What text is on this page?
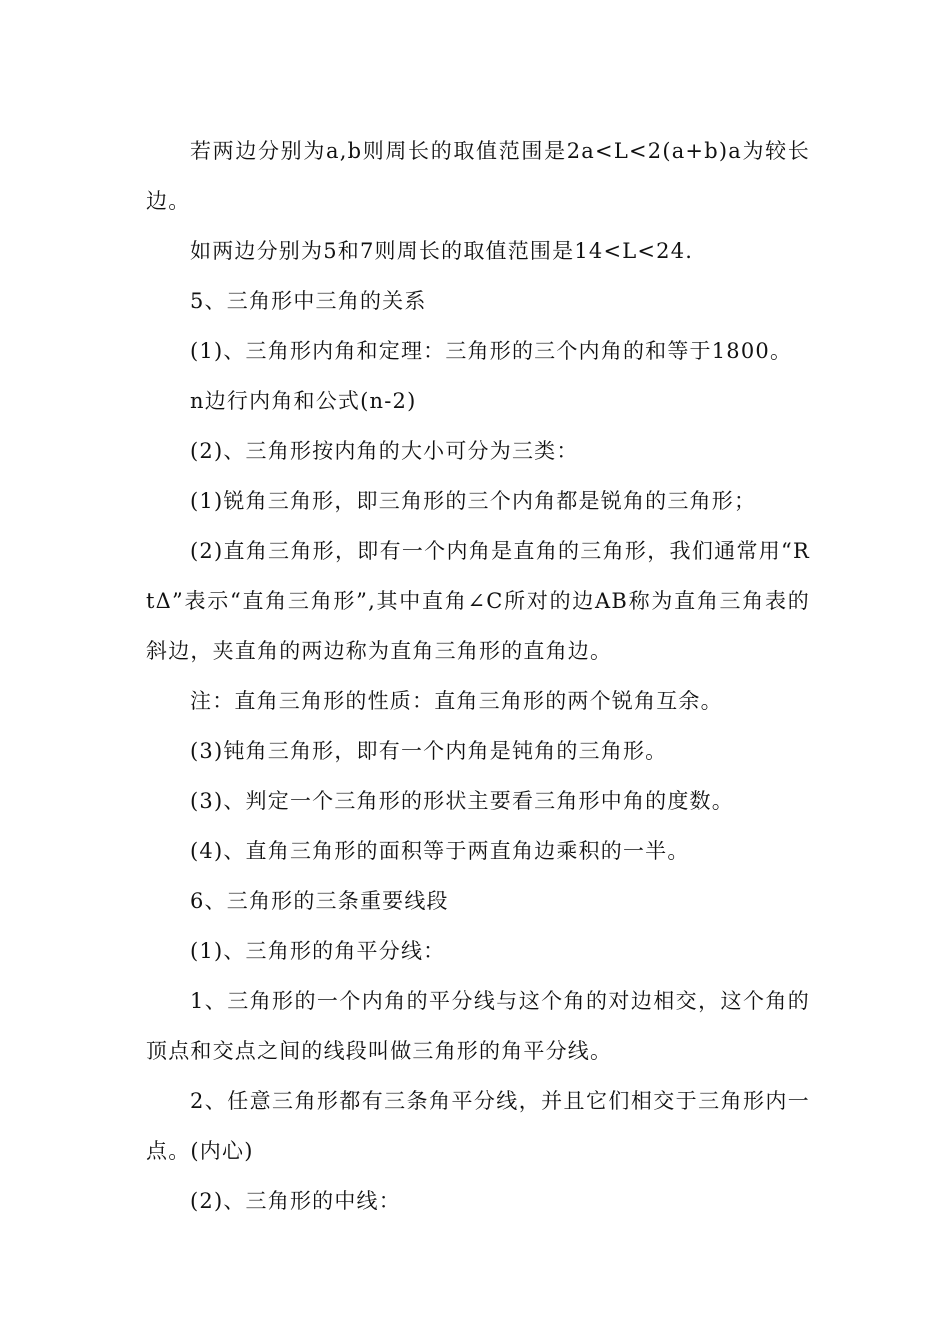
若两边分别为a,b则周长的取值范围是2a<L<2(a+b)a为较长边。

如两边分别为5和7则周长的取值范围是14<L<24.

5、三角形中三角的关系

(1)、三角形内角和定理：三角形的三个内角的和等于1800。

n边行内角和公式(n-2)

(2)、三角形按内角的大小可分为三类：

(1)锐角三角形，即三角形的三个内角都是锐角的三角形；

(2)直角三角形，即有一个内角是直角的三角形，我们通常用“RtΔ”表示“直角三角形”,其中直角∠C所对的边AB称为直角三角表的斜边，夹直角的两边称为直角三角形的直角边。

注：直角三角形的性质：直角三角形的两个锐角互余。

(3)钝角三角形，即有一个内角是钝角的三角形。

(3)、判定一个三角形的形状主要看三角形中角的度数。

(4)、直角三角形的面积等于两直角边乘积的一半。

6、三角形的三条重要线段

(1)、三角形的角平分线：

1、三角形的一个内角的平分线与这个角的对边相交，这个角的顶点和交点之间的线段叫做三角形的角平分线。

2、任意三角形都有三条角平分线，并且它们相交于三角形内一点。(内心)

(2)、三角形的中线：
